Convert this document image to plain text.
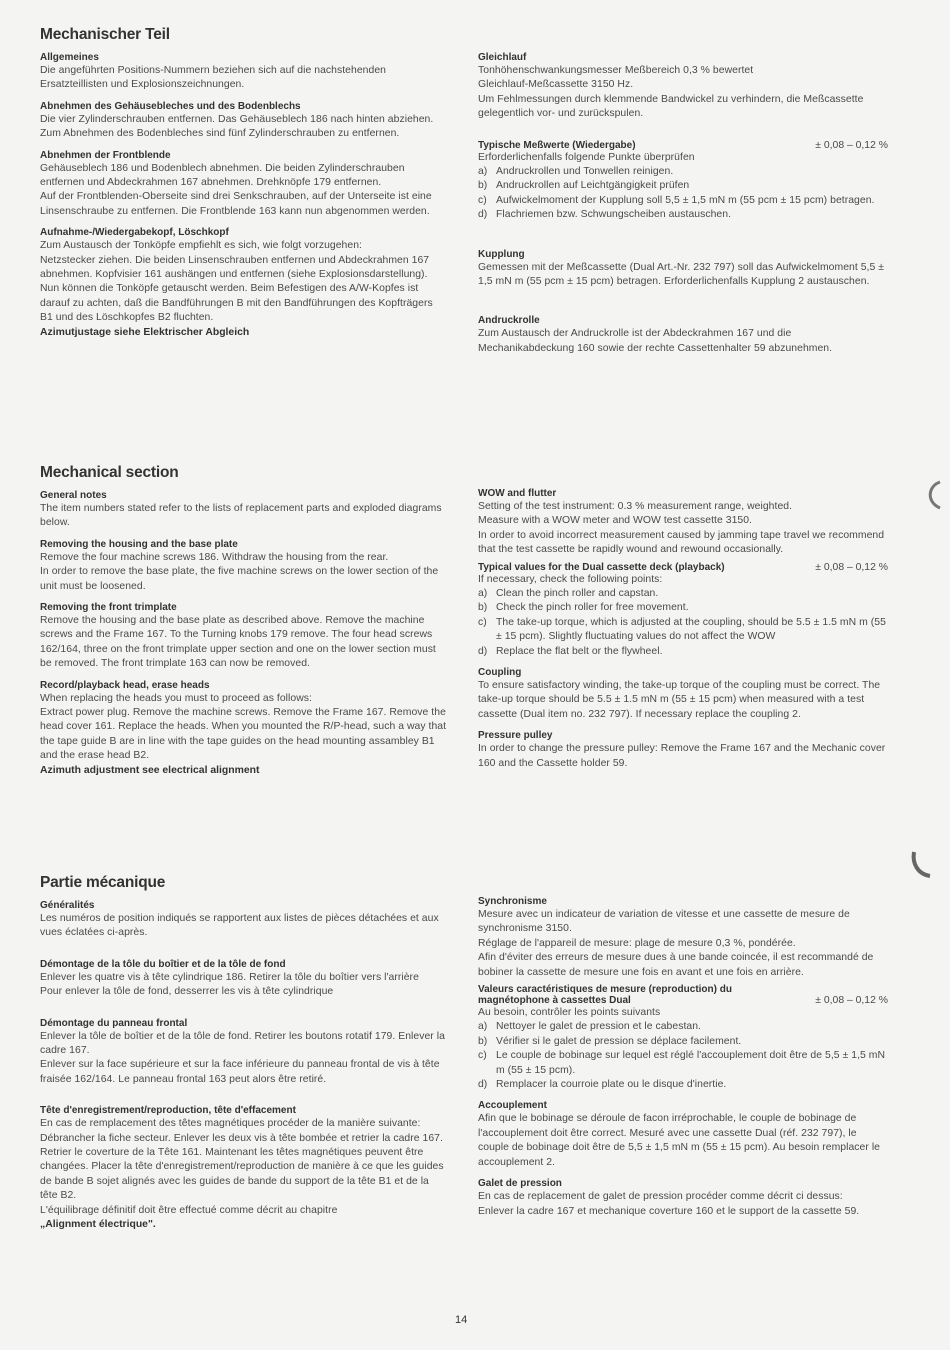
Mechanischer Teil
Allgemeines

Die angeführten Positions-Nummern beziehen sich auf die nachstehenden Ersatzteillisten und Explosionszeichnungen.

Abnehmen des Gehäusebleches und des Bodenblechs

Die vier Zylinderschrauben entfernen. Das Gehäuseblech 186 nach hinten abziehen.

Zum Abnehmen des Bodenbleches sind fünf Zylinderschrauben zu entfernen.

Abnehmen der Frontblende

Gehäuseblech 186 und Bodenblech abnehmen. Die beiden Zylinderschrauben entfernen und Abdeckrahmen 167 abnehmen. Drehknöpfe 179 entfernen.

Auf der Frontblenden-Oberseite sind drei Senkschrauben, auf der Unterseite ist eine Linsenschraube zu entfernen. Die Frontblende 163 kann nun abgenommen werden.

Aufnahme-/Wiedergabekopf, Löschkopf

Zum Austausch der Tonköpfe empfiehlt es sich, wie folgt vorzugehen:

Netzstecker ziehen. Die beiden Linsenschrauben entfernen und Abdeckrahmen 167 abnehmen. Kopfvisier 161 aushängen und entfernen (siehe Explosionsdarstellung). Nun können die Tonköpfe getauscht werden. Beim Befestigen des A/W-Kopfes ist darauf zu achten, daß die Bandführungen B mit den Bandführungen des Kopfträgers B1 und des Löschkopfes B2 fluchten.

Azimutjustage siehe Elektrischer Abgleich
Gleichlauf

Tonhöhenschwankungsmesser Meßbereich 0,3 % bewertet

Gleichlauf-Meßcassette 3150 Hz.

Um Fehlmessungen durch klemmende Bandwickel zu verhindern, die Meßcassette gelegentlich vor- und zurückspulen.

Typische Meßwerte (Wiedergabe)	± 0,08 – 0,12 %

Erforderlichenfalls folgende Punkte überprüfen

a) Andruckrollen und Tonwellen reinigen.

b) Andruckrollen auf Leichtgängigkeit prüfen

c) Aufwickelmoment der Kupplung soll 5,5 ± 1,5 mN m (55 pcm ± 15 pcm) betragen.

d) Flachriemen bzw. Schwungscheiben austauschen.

Kupplung

Gemessen mit der Meßcassette (Dual Art.-Nr. 232 797) soll das Aufwickelmoment 5,5 ± 1,5 mN m (55 pcm ± 15 pcm) betragen. Erforderlichenfalls Kupplung 2 austauschen.

Andruckrolle

Zum Austausch der Andruckrolle ist der Abdeckrahmen 167 und die Mechanikabdeckung 160 sowie der rechte Cassettenhalter 59 abzunehmen.

Mechanical section
General notes

The item numbers stated refer to the lists of replacement parts and exploded diagrams below.

Removing the housing and the base plate

Remove the four machine screws 186. Withdraw the housing from the rear.

In order to remove the base plate, the five machine screws on the lower section of the unit must be loosened.

Removing the front trimplate

Remove the housing and the base plate as described above. Remove the machine screws and the Frame 167. To the Turning knobs 179 remove. The four head screws 162/164, three on the front trimplate upper section and one on the lower section must be removed. The front trimplate 163 can now be removed.

Record/playback head, erase heads

When replacing the heads you must to proceed as follows:

Extract power plug. Remove the machine screws. Remove the Frame 167. Remove the head cover 161. Replace the heads. When you mounted the R/P-head, such a way that the tape guide B are in line with the tape guides on the head mounting assambley B1 and the erase head B2.

Azimuth adjustment see electrical alignment
WOW and flutter

Setting of the test instrument: 0.3 % measurement range, weighted.

Measure with a WOW meter and WOW test cassette 3150.

In order to avoid incorrect measurement caused by jamming tape travel we recommend that the test cassette be rapidly wound and rewound occasionally.

Typical values for the Dual cassette deck (playback)	± 0,08 – 0,12 %

If necessary, check the following points:

a) Clean the pinch roller and capstan.

b) Check the pinch roller for free movement.

c) The take-up torque, which is adjusted at the coupling, should be 5.5 ± 1.5 mN m (55 ± 15 pcm). Slightly fluctuating values do not affect the WOW

d) Replace the flat belt or the flywheel.

Coupling

To ensure satisfactory winding, the take-up torque of the coupling must be correct. The take-up torque should be 5.5 ± 1.5 mN m (55 ± 15 pcm) when measured with a test cassette (Dual item no. 232 797). If necessary replace the coupling 2.

Pressure pulley

In order to change the pressure pulley: Remove the Frame 167 and the Mechanic cover 160 and the Cassette holder 59.

Partie mécanique
Généralités

Les numéros de position indiqués se rapportent aux listes de pièces détachées et aux vues éclatées ci-après.

Démontage de la tôle du boîtier et de la tôle de fond

Enlever les quatre vis à tête cylindrique 186. Retirer la tôle du boîtier vers l'arrière

Pour enlever la tôle de fond, desserrer les vis à tête cylindrique

Démontage du panneau frontal

Enlever la tôle de boîtier et de la tôle de fond. Retirer les boutons rotatif 179. Enlever la cadre 167.

Enlever sur la face supérieure et sur la face inférieure du panneau frontal de vis à tête fraisée 162/164. Le panneau frontal 163 peut alors être retiré.

Tête d'enregistrement/reproduction, tête d'effacement

En cas de remplacement des têtes magnétiques procéder de la manière suivante:

Débrancher la fiche secteur. Enlever les deux vis à tête bombée et retrier la cadre 167. Retrier le coverture de la Tête 161. Maintenant les têtes magnétiques peuvent être changées. Placer la tête d'enregistrement/reproduction de manière à ce que les guides de bande B sojet alignés avec les guides de bande du support de la tête B1 et de la tête B2.

L'équilibrage définitif doit être effectué comme décrit au chapitre

„Alignment électrique".
Synchronisme

Mesure avec un indicateur de variation de vitesse et une cassette de mesure de synchronisme 3150.

Réglage de l'appareil de mesure: plage de mesure 0,3 %, pondérée.

Afin d'éviter des erreurs de mesure dues à une bande coincée, il est recommandé de bobiner la cassette de mesure une fois en avant et une fois en arrière.

Valeurs caractéristiques de mesure (reproduction) du magnétophone à cassettes Dual	± 0,08 – 0,12 %

Au besoin, contrôler les points suivants

a) Nettoyer le galet de pression et le cabestan.

b) Vérifier si le galet de pression se déplace facilement.

c) Le couple de bobinage sur lequel est réglé l'accouplement doit être de 5,5 ± 1,5 mN m (55 ± 15 pcm).

d) Remplacer la courroie plate ou le disque d'inertie.

Accouplement

Afin que le bobinage se déroule de facon irréprochable, le couple de bobinage de l'accouplement doit être correct. Mesuré avec une cassette Dual (réf. 232 797), le couple de bobinage doit être de 5,5 ± 1,5 mN m (55 ± 15 pcm). Au besoin remplacer le accouplement 2.

Galet de pression

En cas de replacement de galet de pression procéder comme décrit ci dessus:

Enlever la cadre 167 et mechanique coverture 160 et le support de la cassette 59.

14
